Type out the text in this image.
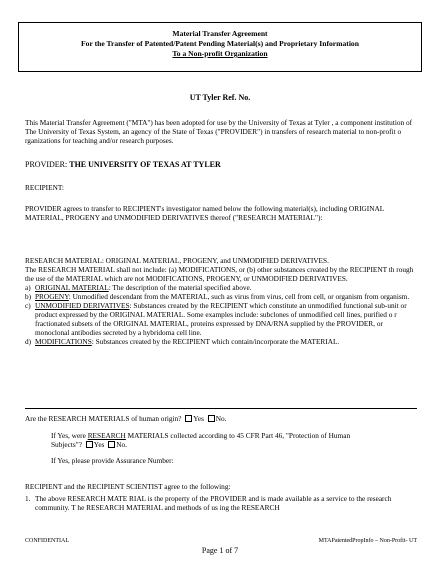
Material Transfer Agreement
For the Transfer of Patented/Patent Pending Material(s) and Proprietary Information
To a Non-profit Organization
UT Tyler Ref. No.
This Material Transfer Agreement ("MTA") has been adopted for use by the University of Texas at Tyler , a component institution of The University of Texas System, an agency of the State of Texas ("PROVIDER") in transfers of research material to non-profit o rganizations for teaching and/or research purposes.
PROVIDER: THE UNIVERSITY OF TEXAS AT TYLER
RECIPIENT:
PROVIDER agrees to transfer to RECIPIENT's investigator named below the following material(s), including ORIGINAL MATERIAL, PROGENY and UNMODIFIED DERIVATIVES thereof ("RESEARCH MATERIAL"):
RESEARCH MATERIAL: ORIGINAL MATERIAL, PROGENY, and UNMODIFIED DERIVATIVES.
The RESEARCH MATERIAL shall not include: (a) MODIFICATIONS, or (b) other substances created by the RECIPIENT th rough the use of the MATERIAL which are not MODIFICATIONS, PROGENY, or UNMODIFIED DERIVATIVES.
a) ORIGINAL MATERIAL: The description of the material specified above.
b) PROGENY: Unmodified descendant from the MATERIAL, such as virus from virus, cell from cell, or organism from organism.
c) UNMODIFIED DERIVATIVES: Substances created by the RECIPIENT which constitute an unmodified functional sub-unit or product expressed by the ORIGINAL MATERIAL. Some examples include: subclones of unmodified cell lines, purified o r fractionated subsets of the ORIGINAL MATERIAL, proteins expressed by DNA/RNA supplied by the PROVIDER, or monoclonal antibodies secreted by a hybridoma cell line.
d) MODIFICATIONS: Substances created by the RECIPIENT which contain/incorporate the MATERIAL.
Are the RESEARCH MATERIALS of human origin? Yes No.
If Yes, were RESEARCH MATERIALS collected according to 45 CFR Part 46, "Protection of Human
Subjects"? Yes No.
If Yes, please provide Assurance Number:
RECIPIENT and the RECIPIENT SCIENTIST agree to the following:
1. The above RESEARCH MATE RIAL is the property of the PROVIDER and is made available as a service to the research community. T he RESEARCH MATERIAL and methods of us ing the RESEARCH
CONFIDENTIAL	MTAPatentedPropInfo – Non-Profit- UT
Page 1 of 7
